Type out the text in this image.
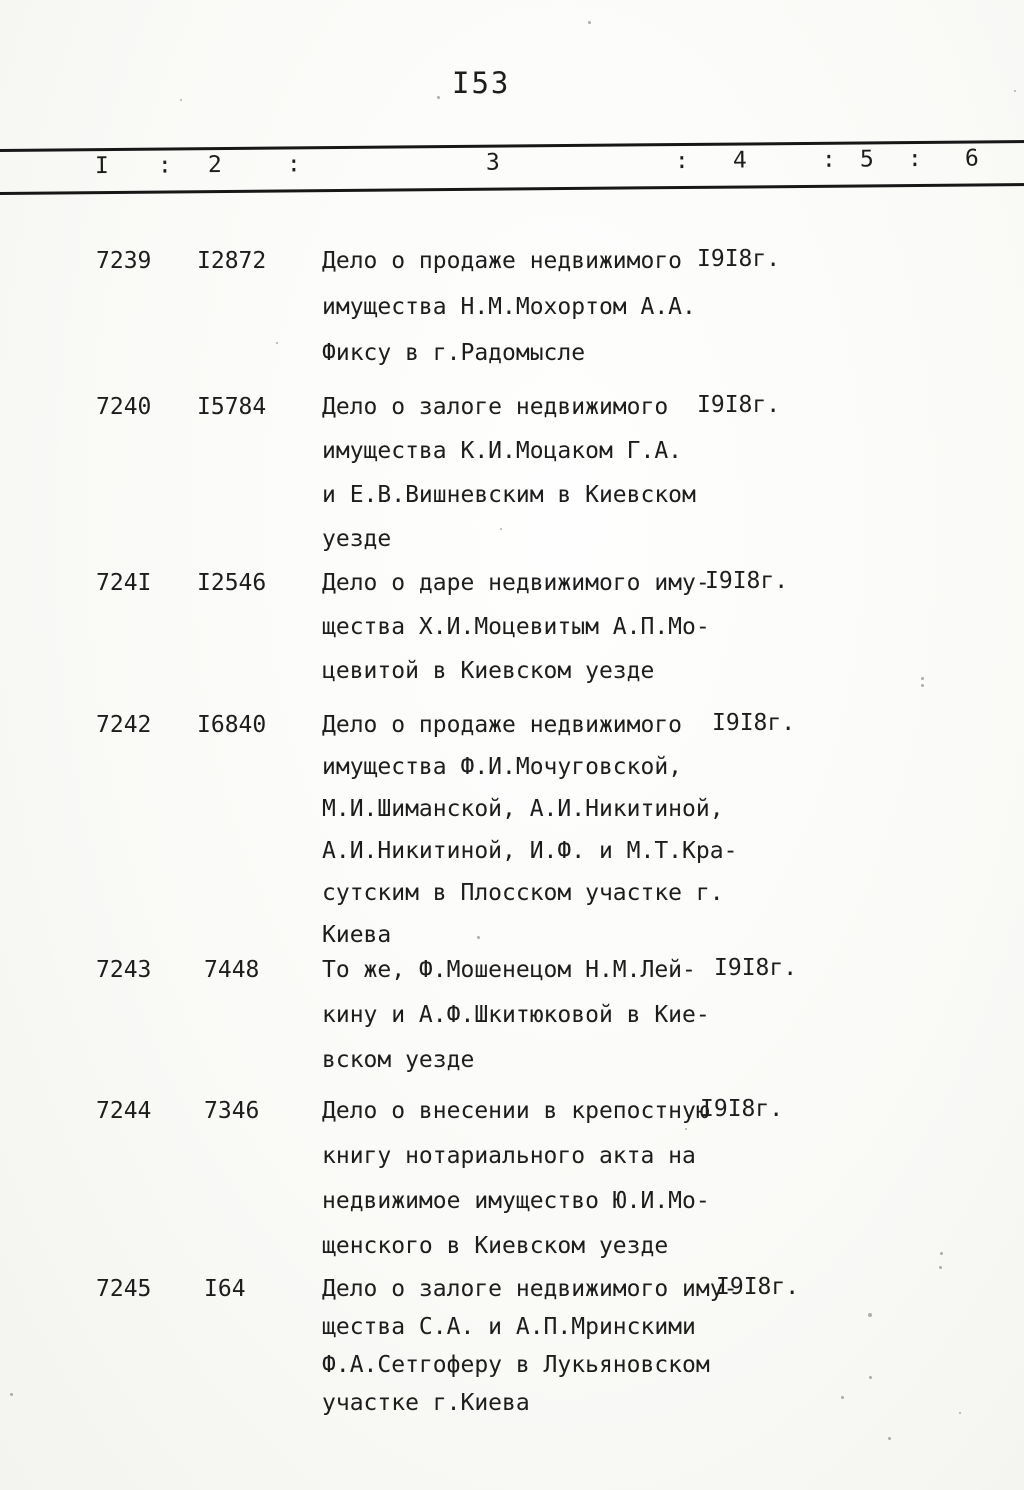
I53
I : 2	:	3	: 4	: 5 : 6
7239 I2872 Дело о продаже недвижимого
имущества Н.М.Мохортом А.А.
Фиксу в г.Радомысле
I9I8г.
7240 I5784 Дело о залоге недвижимого
имущества К.И.Моцаком Г.А.
и Е.В.Вишневским в Киевском
уезде
I9I8г.
724I I2546 Дело о даре недвижимого иму-
щества Х.И.Моцевитым А.П.Мо-
цевитой в Киевском уезде
I9I8г.
7242 I6840 Дело о продаже недвижимого
имущества Ф.И.Мочуговской,
М.И.Шиманской, А.И.Никитиной,
А.И.Никитиной, И.Ф. и М.Т.Кра-
сутским в Плосском участке г.
Киева
I9I8г.
7243 7448	То же, Ф.Мошенецом Н.М.Лей-
кину и А.Ф.Шкитюковой в Кие-
вском уезде
I9I8г.
7244 7346	Дело о внесении в крепостную
книгу нотариального акта на
недвижимое имущество Ю.И.Мо-
щенского в Киевском уезде
I9I8г.
7245 I64	Дело о залоге недвижимого иму-
щества С.А. и А.П.Мринскими
Ф.А.Сетгоферу в Лукьяновском
участке г.Киева
I9I8г.
